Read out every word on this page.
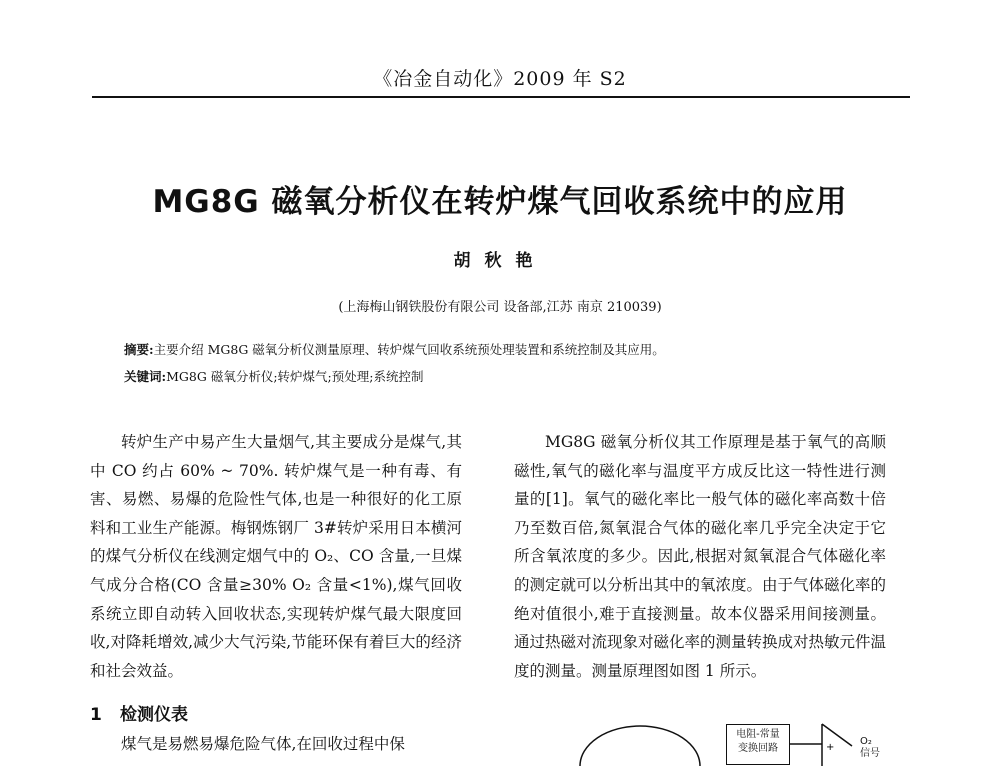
《冶金自动化》2009 年 S2
MG8G 磁氧分析仪在转炉煤气回收系统中的应用
胡秋艳
(上海梅山钢铁股份有限公司 设备部,江苏 南京 210039)
摘要:主要介绍 MG8G 磁氧分析仪测量原理、转炉煤气回收系统预处理装置和系统控制及其应用。
关键词:MG8G 磁氧分析仪;转炉煤气;预处理;系统控制

转炉生产中易产生大量烟气,其主要成分是煤气,其中 CO 约占 60% ~ 70%. 转炉煤气是一种有毒、有害、易燃、易爆的危险性气体,也是一种很好的化工原料和工业生产能源。梅钢炼钢厂 3#转炉采用日本横河的煤气分析仪在线测定烟气中的 O₂、CO 含量,一旦煤气成分合格(CO 含量≥30% O₂ 含量<1%),煤气回收系统立即自动转入回收状态,实现转炉煤气最大限度回收,对降耗增效,减少大气污染,节能环保有着巨大的经济和社会效益。

1 检测仪表
煤气是易燃易爆危险气体,在回收过程中保

MG8G 磁氧分析仪其工作原理是基于氧气的高顺磁性,氧气的磁化率与温度平方成反比这一特性进行测量的[1]。氧气的磁化率比一般气体的磁化率高数十倍乃至数百倍,氮氧混合气体的磁化率几乎完全决定于它所含氧浓度的多少。因此,根据对氮氧混合气体磁化率的测定就可以分析出其中的氧浓度。由于气体磁化率的绝对值很小,难于直接测量。故本仪器采用间接测量。通过热磁对流现象对磁化率的测量转换成对热敏元件温度的测量。测量原理图如图 1 所示。

+
电阻-常量
变换回路
O₂
信号
